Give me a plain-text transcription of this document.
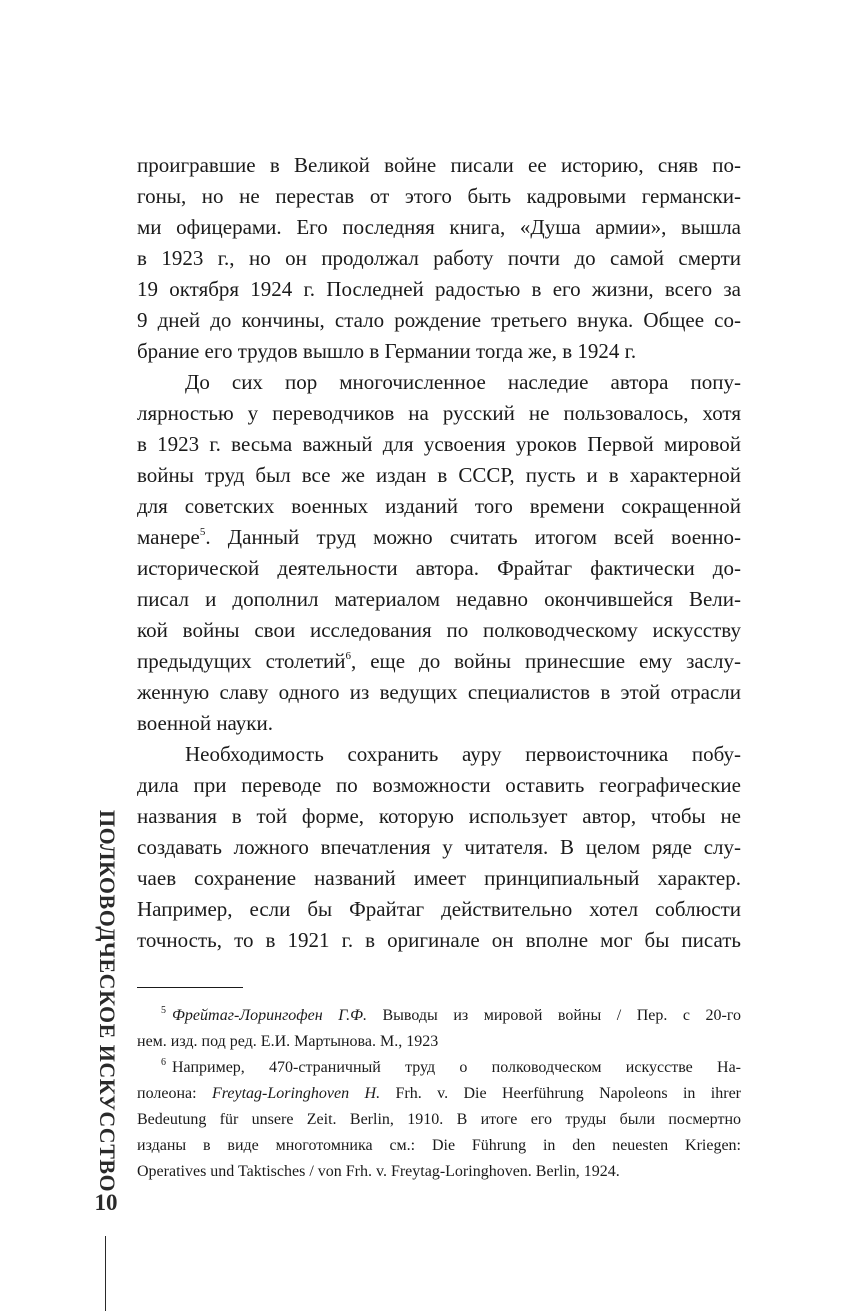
проигравшие в Великой войне писали ее историю, сняв по-
гоны, но не перестав от этого быть кадровыми германски-
ми офицерами. Его последняя книга, «Душа армии», вышла
в 1923 г., но он продолжал работу почти до самой смерти
19 октября 1924 г. Последней радостью в его жизни, всего за
9 дней до кончины, стало рождение третьего внука. Общее со-
брание его трудов вышло в Германии тогда же, в 1924 г.
До сих пор многочисленное наследие автора попу-
лярностью у переводчиков на русский не пользовалось, хотя
в 1923 г. весьма важный для усвоения уроков Первой мировой
войны труд был все же издан в СССР, пусть и в характерной
для советских военных изданий того времени сокращенной
манере$^5$. Данный труд можно считать итогом всей военно-
исторической деятельности автора. Фрайтаг фактически до-
писал и дополнил материалом недавно окончившейся Вели-
кой войны свои исследования по полководческому искусству
предыдущих столетий$^6$, еще до войны принесшие ему заслу-
женную славу одного из ведущих специалистов в этой отрасли
военной науки.
Необходимость сохранить ауру первоисточника побу-
дила при переводе по возможности оставить географические
названия в той форме, которую использует автор, чтобы не
создавать ложного впечатления у читателя. В целом ряде слу-
чаев сохранение названий имеет принципиальный характер.
Например, если бы Фрайтаг действительно хотел соблюсти
точность, то в 1921 г. в оригинале он вполне мог бы писать
$^5$ Фрейтаг-Лорингофен Г.Ф. Выводы из мировой войны / Пер. с 20-го
нем. изд. под ред. Е.И. Мартынова. М., 1923
$^6$ Например, 470-страничный труд о полководческом искусстве На-
полеона: Freytag-Loringhoven H. Frh. v. Die Heerführung Napoleons in ihrer
Bedeutung für unsere Zeit. Berlin, 1910. В итоге его труды были посмертно
изданы в виде многотомника см.: Die Führung in den neuesten Kriegen:
Operatives und Taktisches / von Frh. v. Freytag-Loringhoven. Berlin, 1924.
ПОЛКОВОДЧЕСКОЕ ИСКУССТВО
10
